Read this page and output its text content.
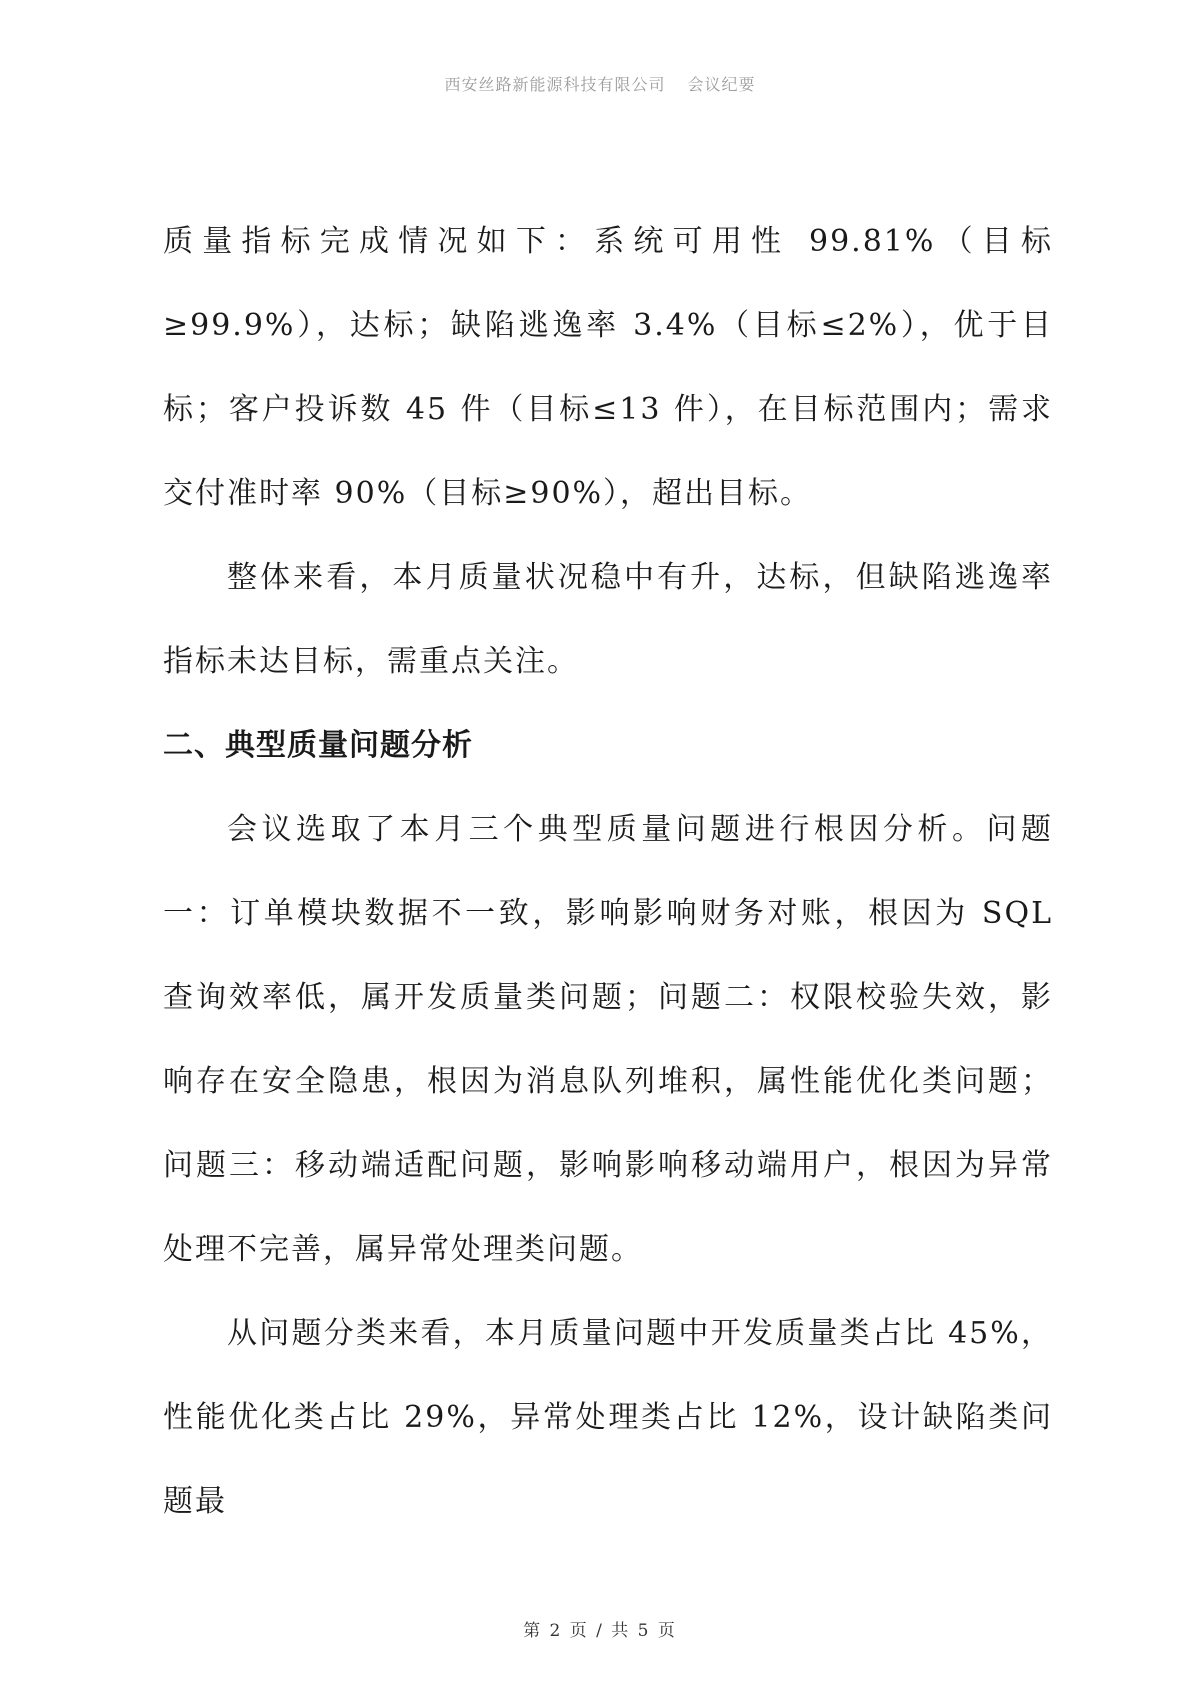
西安丝路新能源科技有限公司 会议纪要

质量指标完成情况如下：系统可用性 99.81%（目标≥99.9%），达标；缺陷逃逸率 3.4%（目标≤2%），优于目标；客户投诉数 45 件（目标≤13 件），在目标范围内；需求交付准时率 90%（目标≥90%），超出目标。

整体来看，本月质量状况稳中有升，达标，但缺陷逃逸率指标未达目标，需重点关注。

二、典型质量问题分析

会议选取了本月三个典型质量问题进行根因分析。问题一：订单模块数据不一致，影响影响财务对账，根因为 SQL 查询效率低，属开发质量类问题；问题二：权限校验失效，影响存在安全隐患，根因为消息队列堆积，属性能优化类问题；问题三：移动端适配问题，影响影响移动端用户，根因为异常处理不完善，属异常处理类问题。

从问题分类来看，本月质量问题中开发质量类占比 45%，性能优化类占比 29%，异常处理类占比 12%，设计缺陷类问题最

第 2 页 / 共 5 页
